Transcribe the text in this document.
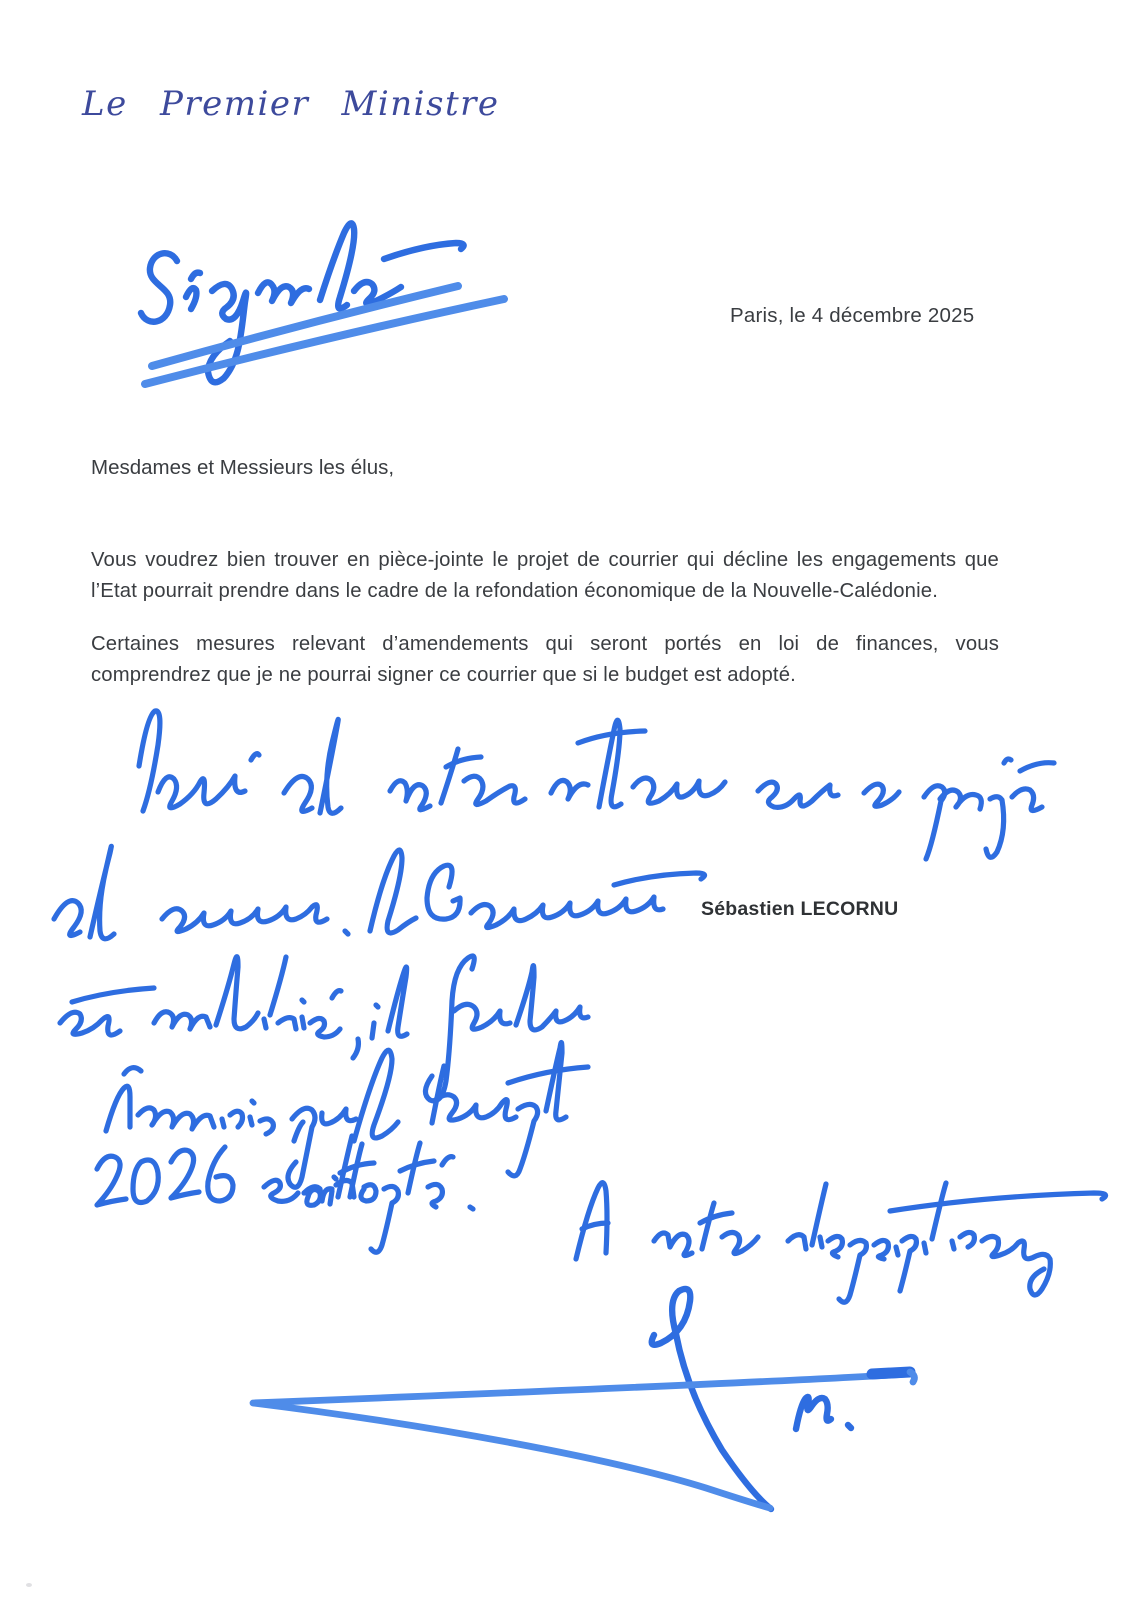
Le Premier Ministre
Paris, le 4 décembre 2025
Mesdames et Messieurs les élus,
Vous voudrez bien trouver en pièce-jointe le projet de courrier qui décline les engagements que l’Etat pourrait prendre dans le cadre de la refondation économique de la Nouvelle-Calédonie.
Certaines mesures relevant d’amendements qui seront portés en loi de finances, vous comprendrez que je ne pourrai signer ce courrier que si le budget est adopté.
Sébastien LECORNU
